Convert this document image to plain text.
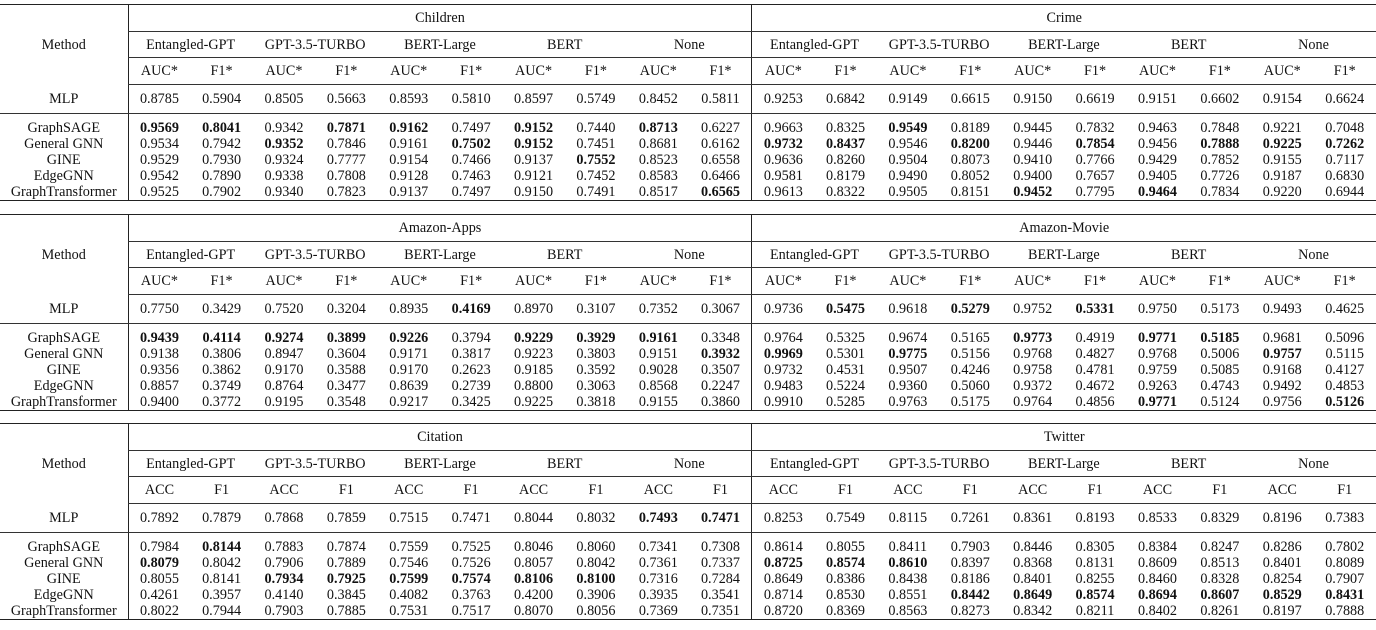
Method	Children										Crime									
	Entangled-GPT		GPT-3.5-TURBO		BERT-Large		BERT		None		Entangled-GPT		GPT-3.5-TURBO		BERT-Large		BERT		None	
	AUC*	F1*	AUC*	F1*	AUC*	F1*	AUC*	F1*	AUC*	F1*	AUC*	F1*	AUC*	F1*	AUC*	F1*	AUC*	F1*	AUC*	F1*
MLP	0.8785	0.5904	0.8505	0.5663	0.8593	0.5810	0.8597	0.5749	0.8452	0.5811	0.9253	0.6842	0.9149	0.6615	0.9150	0.6619	0.9151	0.6602	0.9154	0.6624

GraphSAGE	0.9569	0.8041	0.9342	0.7871	0.9162	0.7497	0.9152	0.7440	0.8713	0.6227	0.9663	0.8325	0.9549	0.8189	0.9445	0.7832	0.9463	0.7848	0.9221	0.7048
General GNN	0.9534	0.7942	0.9352	0.7846	0.9161	0.7502	0.9152	0.7451	0.8681	0.6162	0.9732	0.8437	0.9546	0.8200	0.9446	0.7854	0.9456	0.7888	0.9225	0.7262
GINE	0.9529	0.7930	0.9324	0.7777	0.9154	0.7466	0.9137	0.7552	0.8523	0.6558	0.9636	0.8260	0.9504	0.8073	0.9410	0.7766	0.9429	0.7852	0.9155	0.7117
EdgeGNN	0.9542	0.7890	0.9338	0.7808	0.9128	0.7463	0.9121	0.7452	0.8583	0.6466	0.9581	0.8179	0.9490	0.8052	0.9400	0.7657	0.9405	0.7726	0.9187	0.6830
GraphTransformer	0.9525	0.7902	0.9340	0.7823	0.9137	0.7497	0.9150	0.7491	0.8517	0.6565	0.9613	0.8322	0.9505	0.8151	0.9452	0.7795	0.9464	0.7834	0.9220	0.6944
Method	Amazon-Apps										Amazon-Movie									
	Entangled-GPT		GPT-3.5-TURBO		BERT-Large		BERT		None		Entangled-GPT		GPT-3.5-TURBO		BERT-Large		BERT		None	
	AUC*	F1*	AUC*	F1*	AUC*	F1*	AUC*	F1*	AUC*	F1*	AUC*	F1*	AUC*	F1*	AUC*	F1*	AUC*	F1*	AUC*	F1*
MLP	0.7750	0.3429	0.7520	0.3204	0.8935	0.4169	0.8970	0.3107	0.7352	0.3067	0.9736	0.5475	0.9618	0.5279	0.9752	0.5331	0.9750	0.5173	0.9493	0.4625

GraphSAGE	0.9439	0.4114	0.9274	0.3899	0.9226	0.3794	0.9229	0.3929	0.9161	0.3348	0.9764	0.5325	0.9674	0.5165	0.9773	0.4919	0.9771	0.5185	0.9681	0.5096
General GNN	0.9138	0.3806	0.8947	0.3604	0.9171	0.3817	0.9223	0.3803	0.9151	0.3932	0.9969	0.5301	0.9775	0.5156	0.9768	0.4827	0.9768	0.5006	0.9757	0.5115
GINE	0.9356	0.3862	0.9170	0.3588	0.9170	0.2623	0.9185	0.3592	0.9028	0.3507	0.9732	0.4531	0.9507	0.4246	0.9758	0.4781	0.9759	0.5085	0.9168	0.4127
EdgeGNN	0.8857	0.3749	0.8764	0.3477	0.8639	0.2739	0.8800	0.3063	0.8568	0.2247	0.9483	0.5224	0.9360	0.5060	0.9372	0.4672	0.9263	0.4743	0.9492	0.4853
GraphTransformer	0.9400	0.3772	0.9195	0.3548	0.9217	0.3425	0.9225	0.3818	0.9155	0.3860	0.9910	0.5285	0.9763	0.5175	0.9764	0.4856	0.9771	0.5124	0.9756	0.5126
Method	Citation										Twitter									
	Entangled-GPT		GPT-3.5-TURBO		BERT-Large		BERT		None		Entangled-GPT		GPT-3.5-TURBO		BERT-Large		BERT		None	
	ACC	F1	ACC	F1	ACC	F1	ACC	F1	ACC	F1	ACC	F1	ACC	F1	ACC	F1	ACC	F1	ACC	F1
MLP	0.7892	0.7879	0.7868	0.7859	0.7515	0.7471	0.8044	0.8032	0.7493	0.7471	0.8253	0.7549	0.8115	0.7261	0.8361	0.8193	0.8533	0.8329	0.8196	0.7383

GraphSAGE	0.7984	0.8144	0.7883	0.7874	0.7559	0.7525	0.8046	0.8060	0.7341	0.7308	0.8614	0.8055	0.8411	0.7903	0.8446	0.8305	0.8384	0.8247	0.8286	0.7802
General GNN	0.8079	0.8042	0.7906	0.7889	0.7546	0.7526	0.8057	0.8042	0.7361	0.7337	0.8725	0.8574	0.8610	0.8397	0.8368	0.8131	0.8609	0.8513	0.8401	0.8089
GINE	0.8055	0.8141	0.7934	0.7925	0.7599	0.7574	0.8106	0.8100	0.7316	0.7284	0.8649	0.8386	0.8438	0.8186	0.8401	0.8255	0.8460	0.8328	0.8254	0.7907
EdgeGNN	0.4261	0.3957	0.4140	0.3845	0.4082	0.3763	0.4200	0.3906	0.3935	0.3541	0.8714	0.8530	0.8551	0.8442	0.8649	0.8574	0.8694	0.8607	0.8529	0.8431
GraphTransformer	0.8022	0.7944	0.7903	0.7885	0.7531	0.7517	0.8070	0.8056	0.7369	0.7351	0.8720	0.8369	0.8563	0.8273	0.8342	0.8211	0.8402	0.8261	0.8197	0.7888
